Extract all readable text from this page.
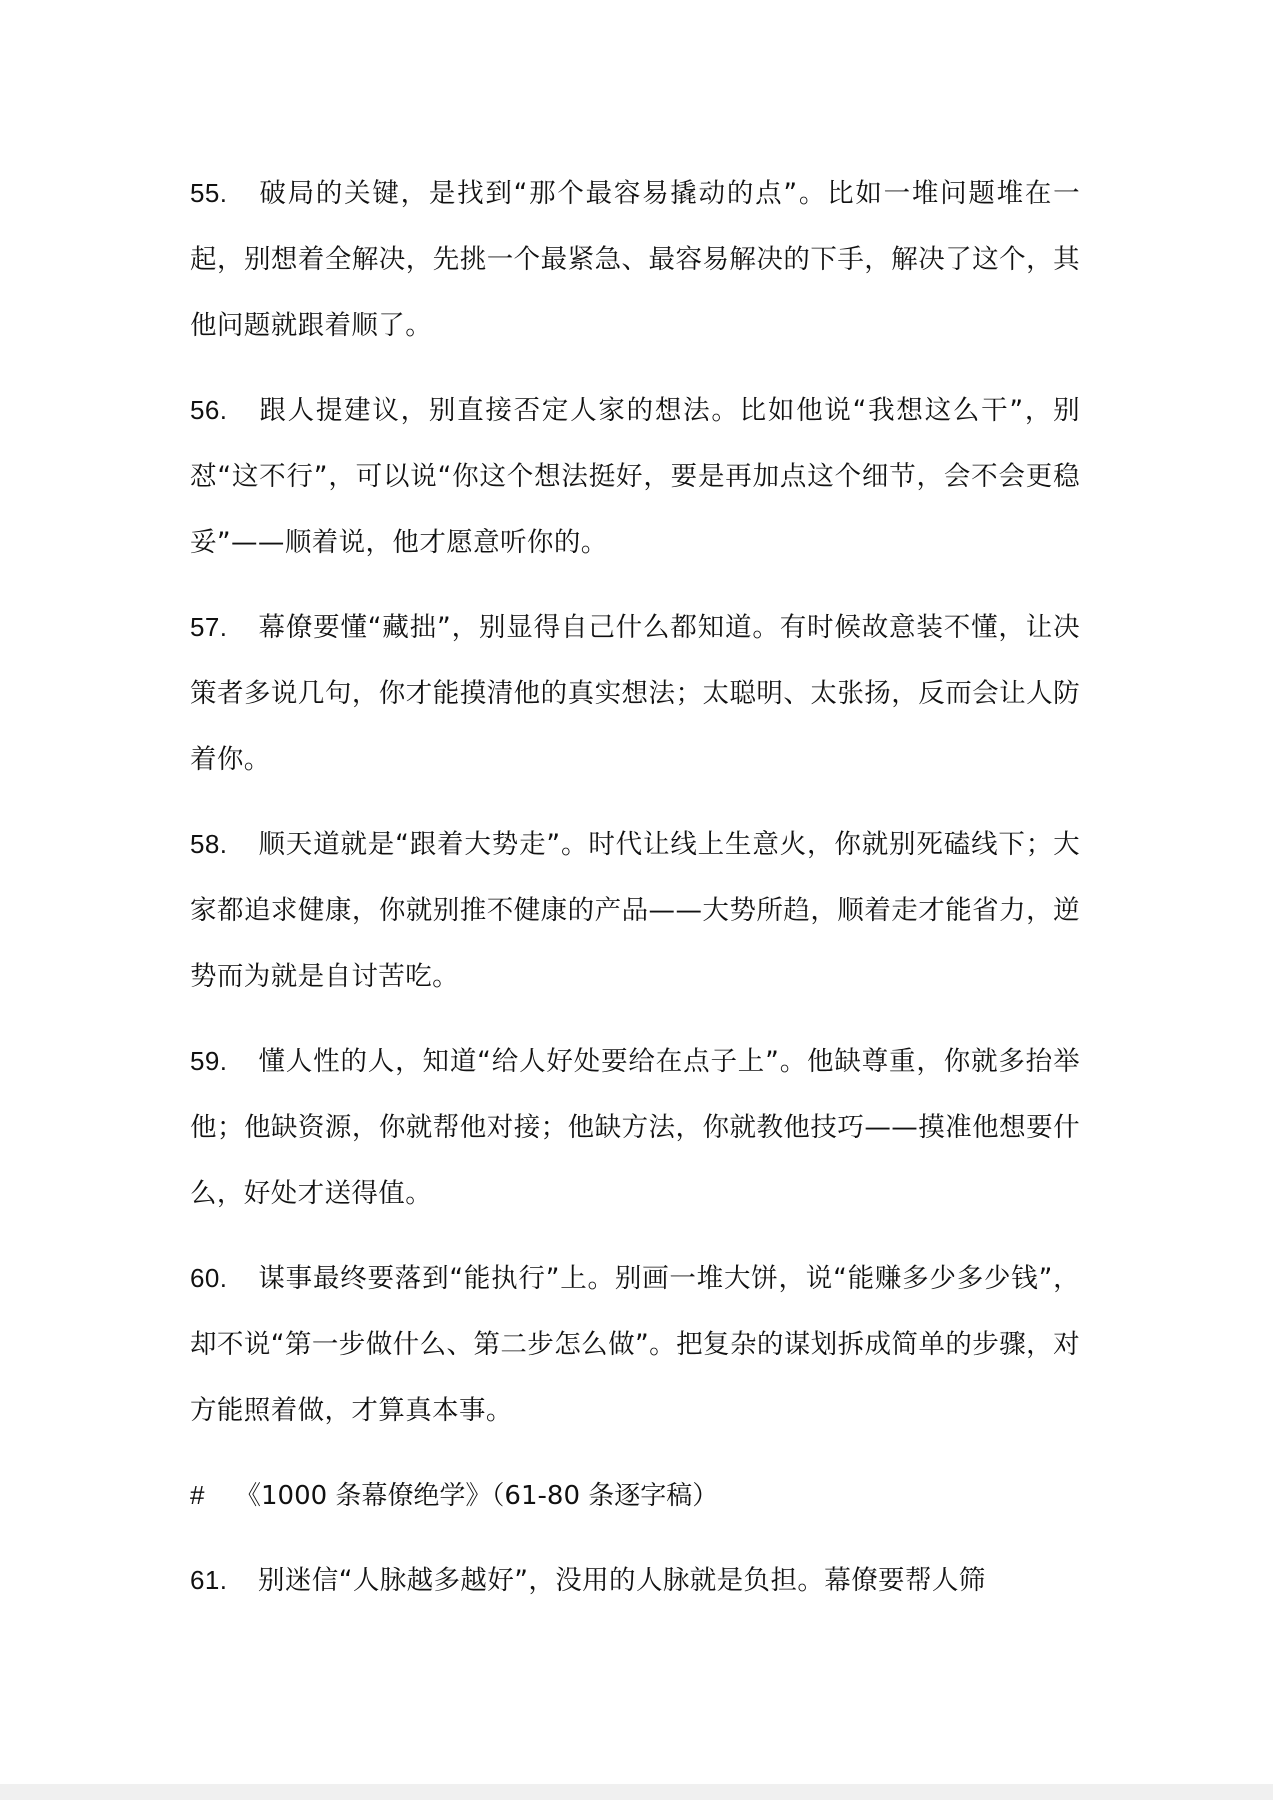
55. 破局的关键，是找到“那个最容易撬动的点”。比如一堆问题堆在一起，别想着全解决，先挑一个最紧急、最容易解决的下手，解决了这个，其他问题就跟着顺了。

56. 跟人提建议，别直接否定人家的想法。比如他说“我想这么干”，别怼“这不行”，可以说“你这个想法挺好，要是再加点这个细节，会不会更稳妥”——顺着说，他才愿意听你的。

57. 幕僚要懂“藏拙”，别显得自己什么都知道。有时候故意装不懂，让决策者多说几句，你才能摸清他的真实想法；太聪明、太张扬，反而会让人防着你。

58. 顺天道就是“跟着大势走”。时代让线上生意火，你就别死磕线下；大家都追求健康，你就别推不健康的产品——大势所趋，顺着走才能省力，逆势而为就是自讨苦吃。

59. 懂人性的人，知道“给人好处要给在点子上”。他缺尊重，你就多抬举他；他缺资源，你就帮他对接；他缺方法，你就教他技巧——摸准他想要什么，好处才送得值。

60. 谋事最终要落到“能执行”上。别画一堆大饼，说“能赚多少多少钱”，却不说“第一步做什么、第二步怎么做”。把复杂的谋划拆成简单的步骤，对方能照着做，才算真本事。

# 《1000 条幕僚绝学》（61-80 条逐字稿）

61. 别迷信“人脉越多越好”，没用的人脉就是负担。幕僚要帮人筛
